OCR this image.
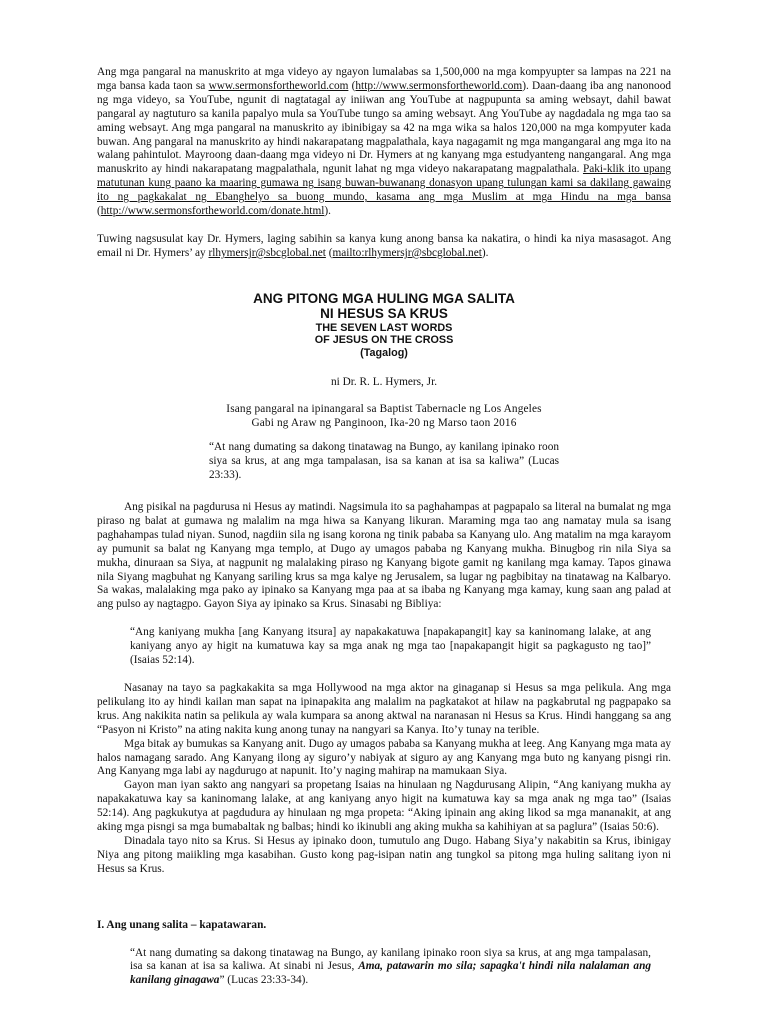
Ang mga pangaral na manuskrito at mga videyo ay ngayon lumalabas sa 1,500,000 na mga kompyupter sa lampas na 221 na mga bansa kada taon sa www.sermonsfortheworld.com (http://www.sermonsfortheworld.com). Daan-daang iba ang nanonood ng mga videyo, sa YouTube, ngunit di nagtatagal ay iniiwan ang YouTube at nagpupunta sa aming websayt, dahil bawat pangaral ay nagtuturo sa kanila papalyo mula sa YouTube tungo sa aming websayt. Ang YouTube ay nagdadala ng mga tao sa aming websayt. Ang mga pangaral na manuskrito ay ibinibigay sa 42 na mga wika sa halos 120,000 na mga kompyuter kada buwan. Ang pangaral na manuskrito ay hindi nakarapatang magpalathala, kaya nagagamit ng mga mangangaral ang mga ito na walang pahintulot. Mayroong daan-daang mga videyo ni Dr. Hymers at ng kanyang mga estudyanteng nangangaral. Ang mga manuskrito ay hindi nakarapatang magpalathala, ngunit lahat ng mga videyo nakarapatang magpalathala. Paki-klik ito upang matutunan kung paano ka maaring gumawa ng isang buwan-buwanang donasyon upang tulungan kami sa dakilang gawaing ito ng pagkakalat ng Ebanghelyo sa buong mundo, kasama ang mga Muslim at mga Hindu na mga bansa (http://www.sermonsfortheworld.com/donate.html).

Tuwing nagsusulat kay Dr. Hymers, laging sabihin sa kanya kung anong bansa ka nakatira, o hindi ka niya masasagot. Ang email ni Dr. Hymers’ ay rlhymersjr@sbcglobal.net (mailto:rlhymersjr@sbcglobal.net).

ANG PITONG MGA HULING MGA SALITA
NI HESUS SA KRUS
THE SEVEN LAST WORDS
OF JESUS ON THE CROSS
(Tagalog)
ni Dr. R. L. Hymers, Jr.
Isang pangaral na ipinangaral sa Baptist Tabernacle ng Los Angeles
Gabi ng Araw ng Panginoon, Ika-20 ng Marso taon 2016

“At nang dumating sa dakong tinatawag na Bungo, ay kanilang ipinako roon siya sa krus, at ang mga tampalasan, isa sa kanan at isa sa kaliwa” (Lucas 23:33).

Ang pisikal na pagdurusa ni Hesus ay matindi. Nagsimula ito sa paghahampas at pagpapalo sa literal na bumalat ng mga piraso ng balat at gumawa ng malalim na mga hiwa sa Kanyang likuran. Maraming mga tao ang namatay mula sa isang paghahampas tulad niyan. Sunod, nagdiin sila ng isang korona ng tinik pababa sa Kanyang ulo. Ang matalim na mga karayom ay pumunit sa balat ng Kanyang mga templo, at Dugo ay umagos pababa ng Kanyang mukha. Binugbog rin nila Siya sa mukha, dinuraan sa Siya, at nagpunit ng malalaking piraso ng Kanyang bigote gamit ng kanilang mga kamay. Tapos ginawa nila Siyang magbuhat ng Kanyang sariling krus sa mga kalye ng Jerusalem, sa lugar ng pagbibitay na tinatawag na Kalbaryo. Sa wakas, malalaking mga pako ay ipinako sa Kanyang mga paa at sa ibaba ng Kanyang mga kamay, kung saan ang palad at ang pulso ay nagtagpo. Gayon Siya ay ipinako sa Krus. Sinasabi ng Bibliya:

“Ang kaniyang mukha [ang Kanyang itsura] ay napakakatuwa [napakapangit] kay sa kaninomang lalake, at ang kaniyang anyo ay higit na kumatuwa kay sa mga anak ng mga tao [napakapangit higit sa pagkagusto ng tao]” (Isaias 52:14).

Nasanay na tayo sa pagkakakita sa mga Hollywood na mga aktor na ginaganap si Hesus sa mga pelikula. Ang mga pelikulang ito ay hindi kailan man sapat na ipinapakita ang malalim na pagkatakot at hilaw na pagkabrutal ng pagpapako sa krus. Ang nakikita natin sa pelikula ay wala kumpara sa anong aktwal na naranasan ni Hesus sa Krus. Hindi hanggang sa ang “Pasyon ni Kristo” na ating nakita kung anong tunay na nangyari sa Kanya. Ito’y tunay na terible.

Mga bitak ay bumukas sa Kanyang anit. Dugo ay umagos pababa sa Kanyang mukha at leeg. Ang Kanyang mga mata ay halos namagang sarado. Ang Kanyang ilong ay siguro’y nabiyak at siguro ay ang Kanyang mga buto ng kanyang pisngi rin. Ang Kanyang mga labi ay nagdurugo at napunit. Ito’y naging mahirap na mamukaan Siya.

Gayon man iyan sakto ang nangyari sa propetang Isaias na hinulaan ng Nagdurusang Alipin, “Ang kaniyang mukha ay napakakatuwa kay sa kaninomang lalake, at ang kaniyang anyo higit na kumatuwa kay sa mga anak ng mga tao” (Isaias 52:14). Ang pagkukutya at pagdudura ay hinulaan ng mga propeta: “Aking ipinain ang aking likod sa mga mananakit, at ang aking mga pisngi sa mga bumabaltak ng balbas; hindi ko ikinubli ang aking mukha sa kahihiyan at sa paglura” (Isaias 50:6).

Dinadala tayo nito sa Krus. Si Hesus ay ipinako doon, tumutulo ang Dugo. Habang Siya’y nakabitin sa Krus, ibinigay Niya ang pitong maiikling mga kasabihan. Gusto kong pag-isipan natin ang tungkol sa pitong mga huling salitang iyon ni Hesus sa Krus.

I. Ang unang salita – kapatawaran.

“At nang dumating sa dakong tinatawag na Bungo, ay kanilang ipinako roon siya sa krus, at ang mga tampalasan, isa sa kanan at isa sa kaliwa. At sinabi ni Jesus, Ama, patawarin mo sila; sapagka't hindi nila nalalaman ang kanilang ginagawa” (Lucas 23:33-34).
